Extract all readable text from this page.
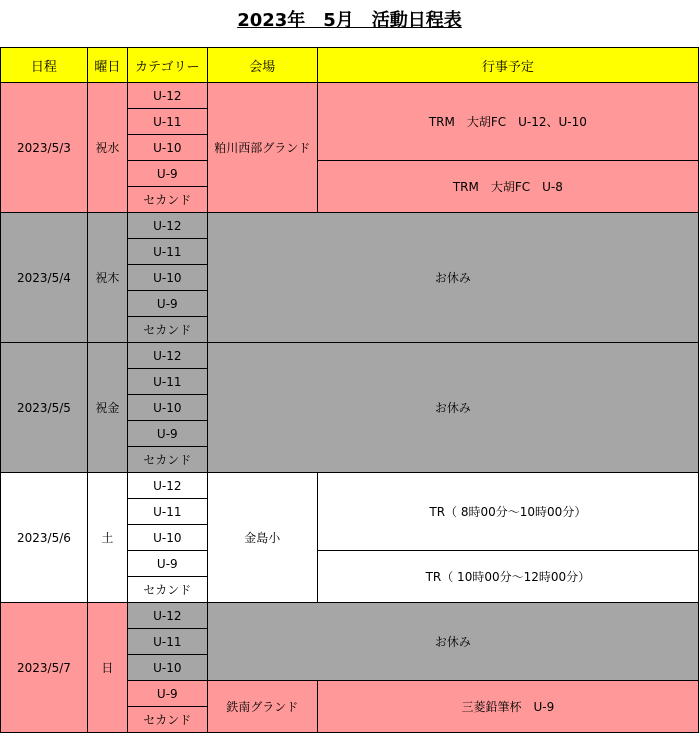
2023年　5月　活動日程表
日程	曜日	カテゴリー	会場	行事予定
2023/5/3	祝水	U-12	粕川西部グランド	TRM　大胡FC　U-12、U-10
		U-11		
		U-10		
		U-9		TRM　大胡FC　U-8
		セカンド		
2023/5/4	祝木	U-12	お休み	
		U-11		
		U-10		
		U-9		
		セカンド		
2023/5/5	祝金	U-12	お休み	
		U-11		
		U-10		
		U-9		
		セカンド		
2023/5/6	土	U-12	金島小	TR（ 8時00分～10時00分）
		U-11		
		U-10		
		U-9		TR（ 10時00分～12時00分）
		セカンド		
2023/5/7	日	U-12	お休み	
		U-11		
		U-10		
		U-9	鉄南グランド	三菱鉛筆杯　U-9
		セカンド		
